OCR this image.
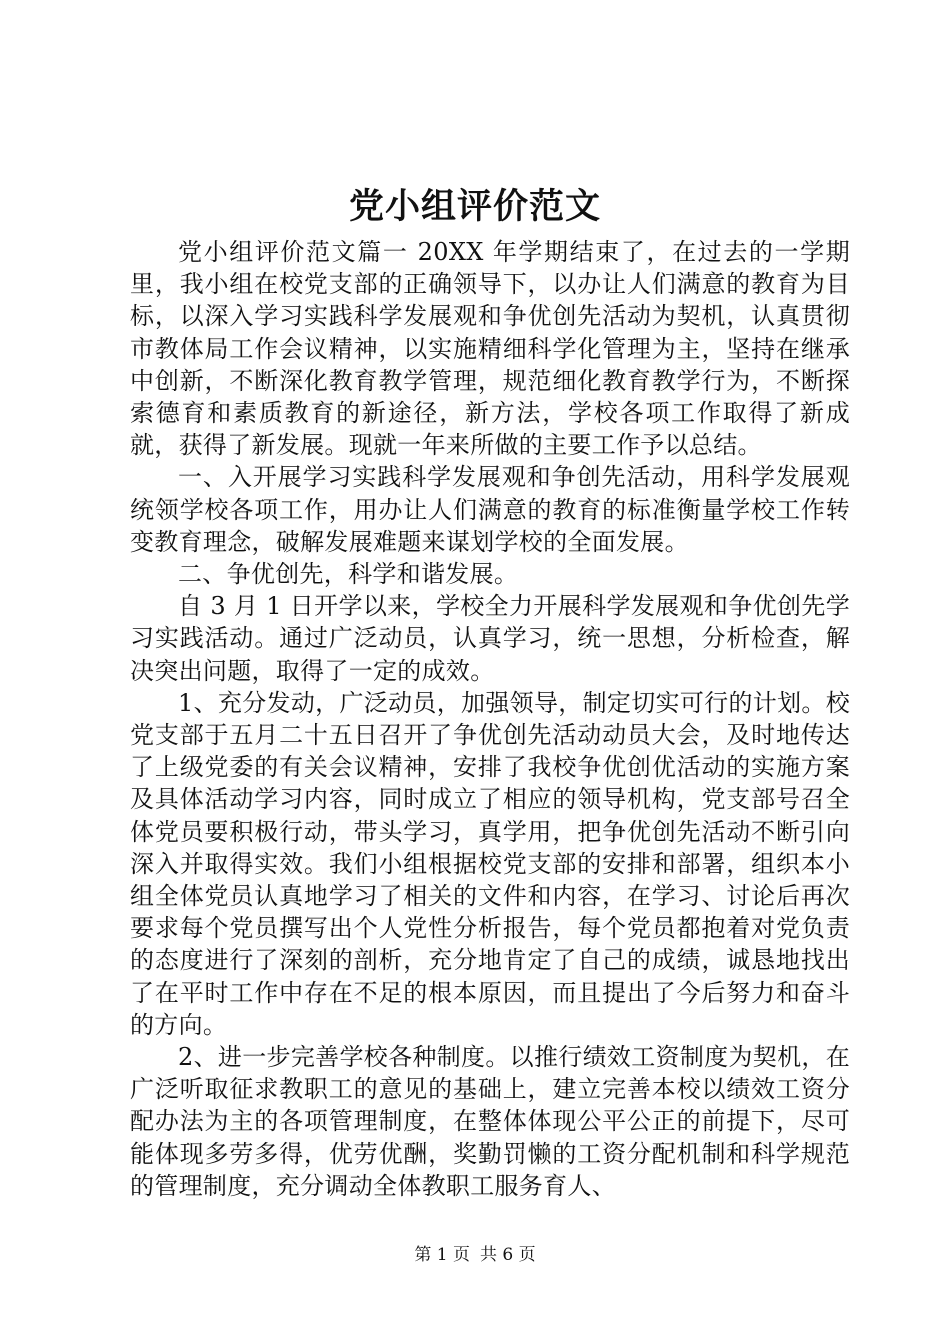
党小组评价范文

党小组评价范文篇一 20XX 年学期结束了，在过去的一学期里，我小组在校党支部的正确领导下，以办让人们满意的教育为目标，以深入学习实践科学发展观和争优创先活动为契机，认真贯彻市教体局工作会议精神，以实施精细科学化管理为主，坚持在继承中创新，不断深化教育教学管理，规范细化教育教学行为，不断探索德育和素质教育的新途径，新方法，学校各项工作取得了新成就，获得了新发展。现就一年来所做的主要工作予以总结。

一、入开展学习实践科学发展观和争创先活动，用科学发展观统领学校各项工作，用办让人们满意的教育的标准衡量学校工作转变教育理念，破解发展难题来谋划学校的全面发展。

二、争优创先，科学和谐发展。

自 3 月 1 日开学以来，学校全力开展科学发展观和争优创先学习实践活动。通过广泛动员，认真学习，统一思想，分析检查，解决突出问题，取得了一定的成效。

1、充分发动，广泛动员，加强领导，制定切实可行的计划。校党支部于五月二十五日召开了争优创先活动动员大会，及时地传达了上级党委的有关会议精神，安排了我校争优创优活动的实施方案及具体活动学习内容，同时成立了相应的领导机构，党支部号召全体党员要积极行动，带头学习，真学用，把争优创先活动不断引向深入并取得实效。我们小组根据校党支部的安排和部署，组织本小组全体党员认真地学习了相关的文件和内容，在学习、讨论后再次要求每个党员撰写出个人党性分析报告，每个党员都抱着对党负责的态度进行了深刻的剖析，充分地肯定了自己的成绩，诚恳地找出了在平时工作中存在不足的根本原因，而且提出了今后努力和奋斗的方向。

2、进一步完善学校各种制度。以推行绩效工资制度为契机，在广泛听取征求教职工的意见的基础上，建立完善本校以绩效工资分配办法为主的各项管理制度，在整体体现公平公正的前提下，尽可能体现多劳多得，优劳优酬，奖勤罚懒的工资分配机制和科学规范的管理制度，充分调动全体教职工服务育人、

第 1 页 共 6 页
